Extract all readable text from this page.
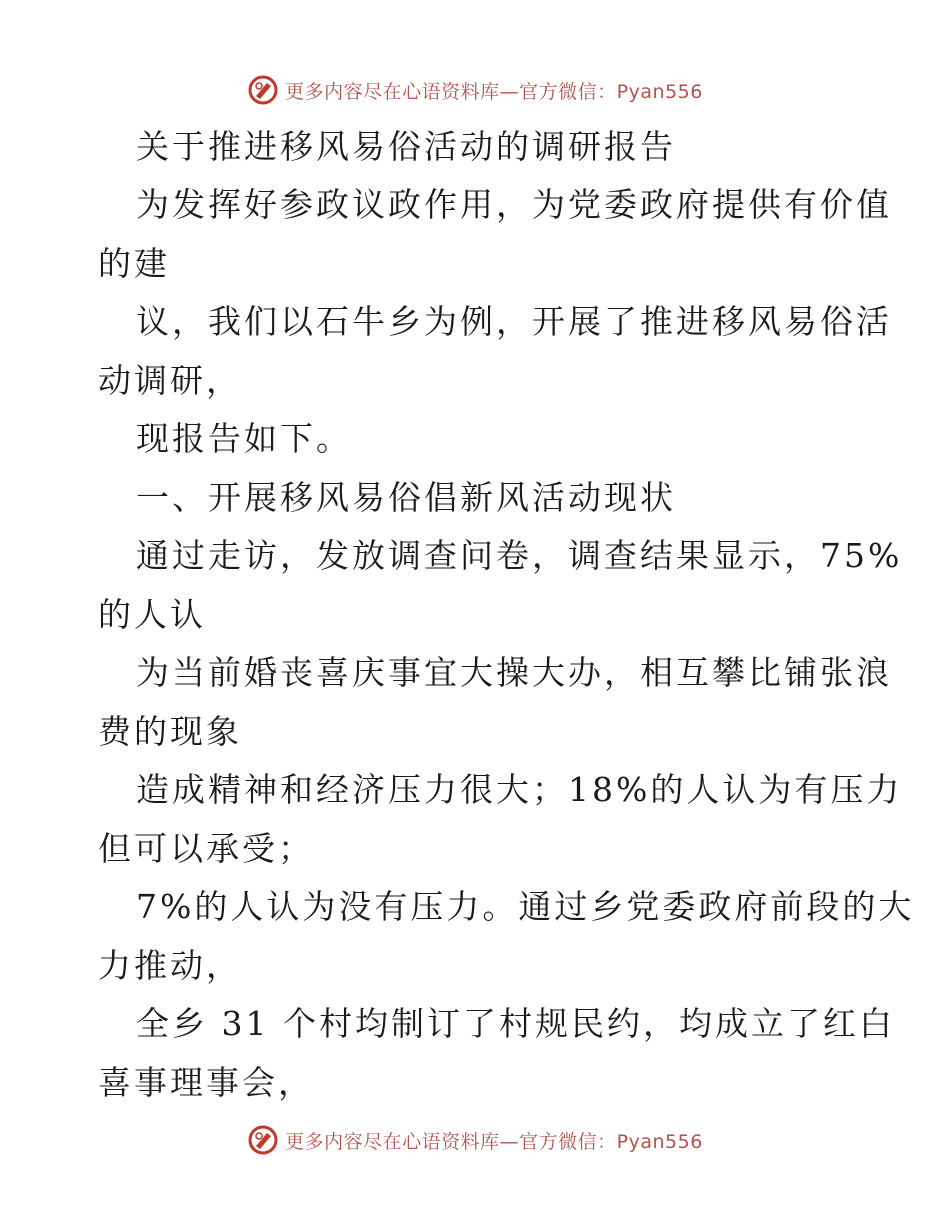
更多内容尽在心语资料库—官方微信：Pyan556
关于推进移风易俗活动的调研报告
为发挥好参政议政作用，为党委政府提供有价值
的建
议，我们以石牛乡为例，开展了推进移风易俗活
动调研，
现报告如下。
一、开展移风易俗倡新风活动现状
通过走访，发放调查问卷，调查结果显示，75%
的人认
为当前婚丧喜庆事宜大操大办，相互攀比铺张浪
费的现象
造成精神和经济压力很大；18%的人认为有压力
但可以承受；
7%的人认为没有压力。通过乡党委政府前段的大
力推动，
全乡 31 个村均制订了村规民约，均成立了红白
喜事理事会，
更多内容尽在心语资料库—官方微信：Pyan556
